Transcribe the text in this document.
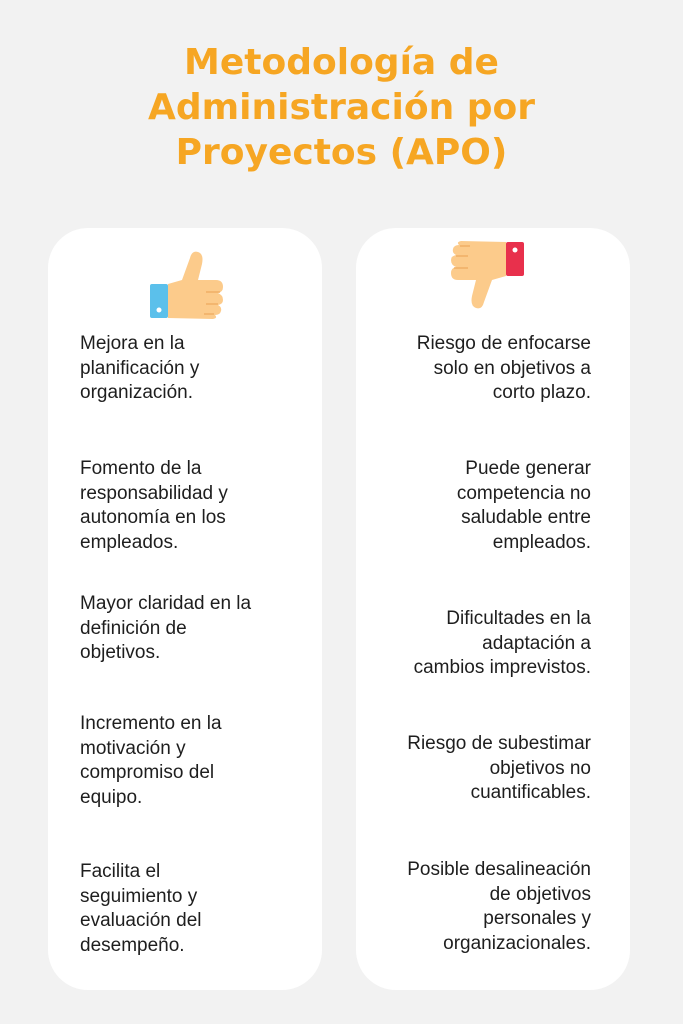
Metodología de
Administración por
Proyectos (APO)
Mejora en la
planificación y
organización.
Fomento de la
responsabilidad y
autonomía en los
empleados.
Mayor claridad en la
definición de
objetivos.
Incremento en la
motivación y
compromiso del
equipo.
Facilita el
seguimiento y
evaluación del
desempeño.
Riesgo de enfocarse
solo en objetivos a
corto plazo.
Puede generar
competencia no
saludable entre
empleados.
Dificultades en la
adaptación a
cambios imprevistos.
Riesgo de subestimar
objetivos no
cuantificables.
Posible desalineación
de objetivos
personales y
organizacionales.
